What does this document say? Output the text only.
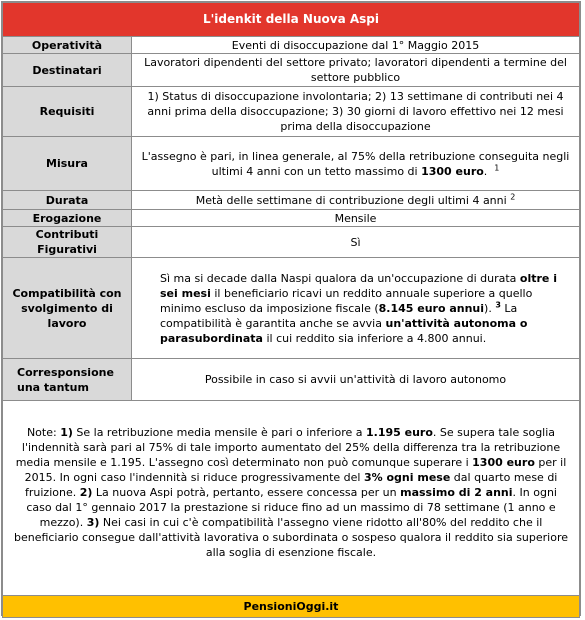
L'idenkit della Nuova Aspi	
Operatività	Eventi di disoccupazione dal 1° Maggio 2015
Destinatari	Lavoratori dipendenti del settore privato; lavoratori dipendenti a termine del settore pubblico
Requisiti	1) Status di disoccupazione involontaria; 2) 13 settimane di contributi nei 4 anni prima della disoccupazione; 3) 30 giorni di lavoro effettivo nei 12 mesi prima della disoccupazione
Misura	L'assegno è pari, in linea generale, al 75% della retribuzione conseguita negli ultimi 4 anni con un tetto massimo di 1300 euro. $^1$
Durata	Metà delle settimane di contribuzione degli ultimi 4 anni $^2$
Erogazione	Mensile
Contributi Figurativi	Sì
Compatibilità con svolgimento di lavoro	Sì ma si decade dalla Naspi qualora da un'occupazione di durata oltre i sei mesi il beneficiario ricavi un reddito annuale superiore a quello minimo escluso da imposizione fiscale (8.145 euro annui). $^3$ La compatibilità è garantita anche se avvia un'attività autonoma o parasubordinata il cui reddito sia inferiore a 4.800 annui.
Corresponsione una tantum	Possibile in caso si avvii un'attività di lavoro autonomo

Note: 1) Se la retribuzione media mensile è pari o inferiore a 1.195 euro. Se supera tale soglia l'indennità sarà pari al 75% di tale importo aumentato del 25% della differenza tra la retribuzione media mensile e 1.195. L'assegno così determinato non può comunque superare i 1300 euro per il 2015. In ogni caso l'indennità si riduce progressivamente del 3% ogni mese dal quarto mese di fruizione. 2) La nuova Aspi potrà, pertanto, essere concessa per un massimo di 2 anni. In ogni caso dal 1° gennaio 2017 la prestazione si riduce fino ad un massimo di 78 settimane (1 anno e mezzo). 3) Nei casi in cui c'è compatibilità l'assegno viene ridotto all'80% del reddito che il beneficiario consegue dall'attività lavorativa o subordinata o sospeso qualora il reddito sia superiore alla soglia di esenzione fiscale.	

PensioniOggi.it	
